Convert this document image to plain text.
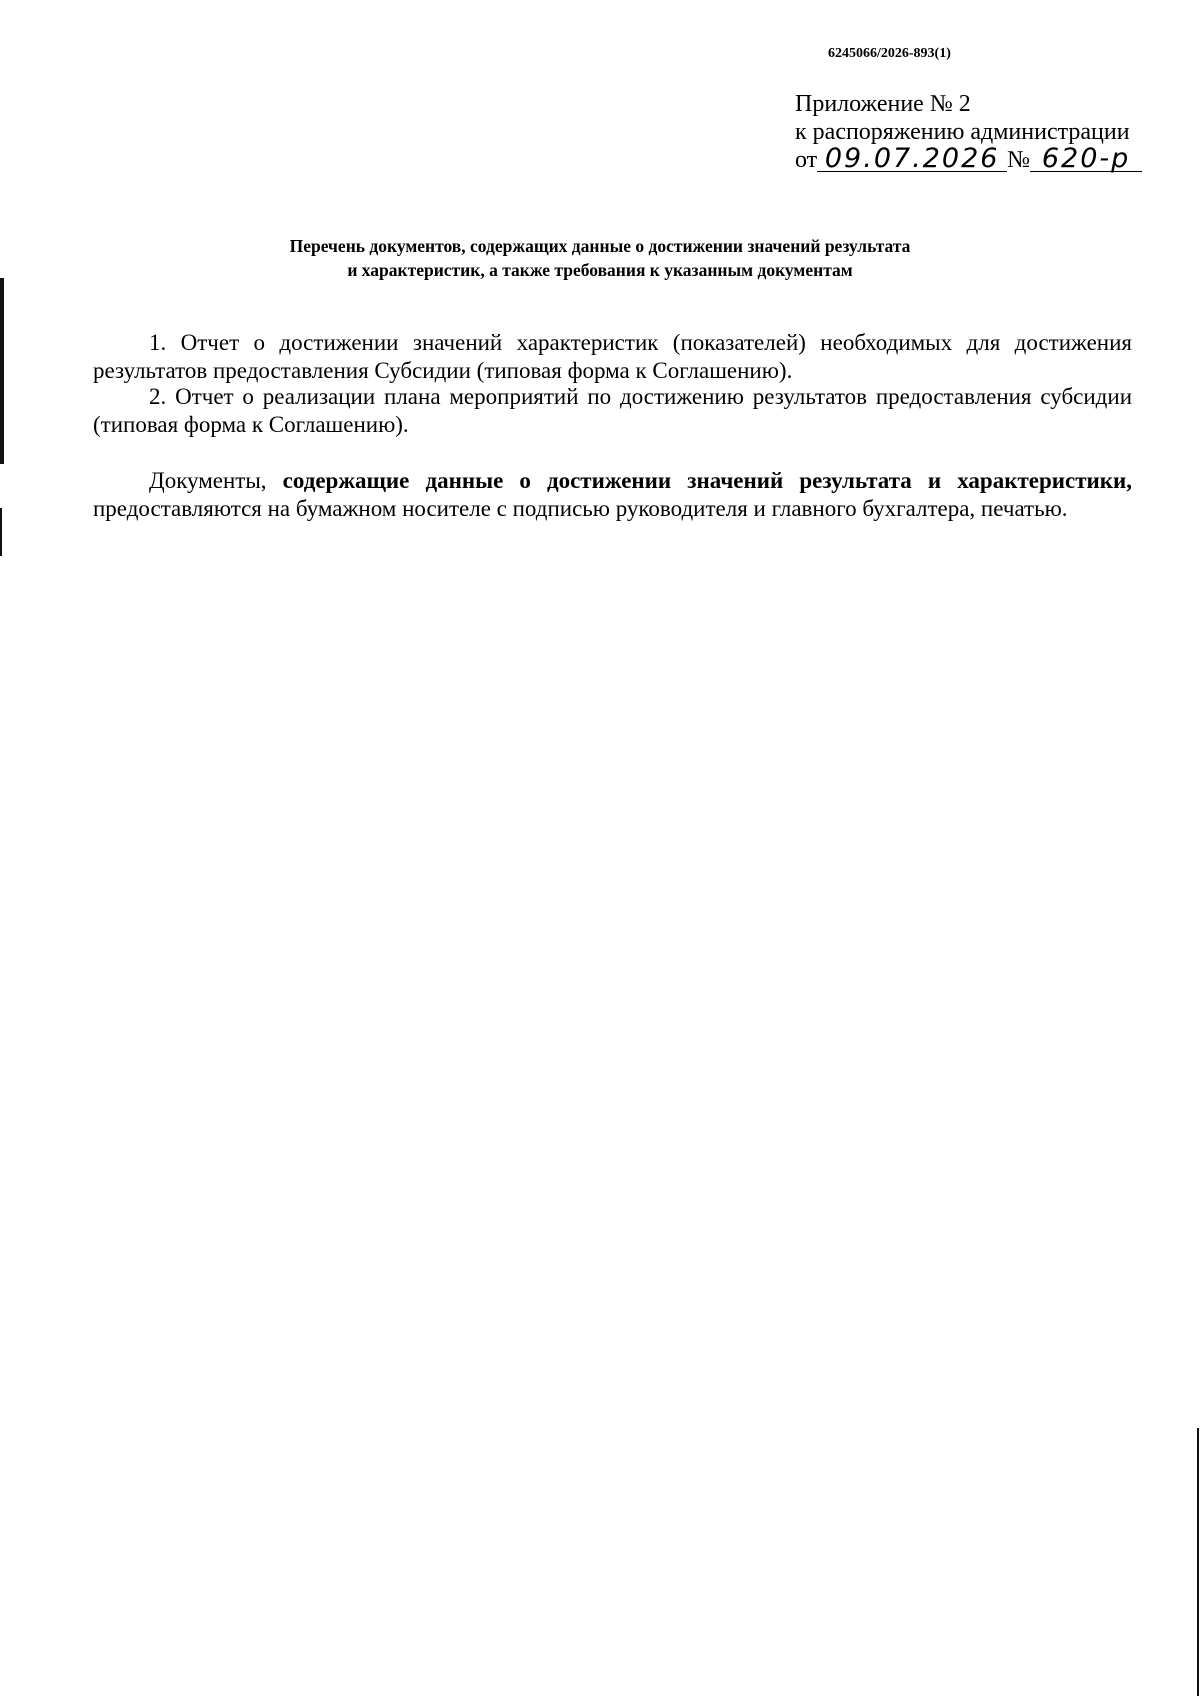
6245066/2026-893(1)
Приложение № 2
к распоряжению администрации
от 09.07.2026 № 620-р
Перечень документов, содержащих данные о достижении значений результата
и характеристик, а также требования к указанным документам
1. Отчет о достижении значений характеристик (показателей) необходимых для достижения результатов предоставления Субсидии (типовая форма к Соглашению).
2. Отчет о реализации плана мероприятий по достижению результатов предоставления субсидии (типовая форма к Соглашению).
Документы, содержащие данные о достижении значений результата и характеристики, предоставляются на бумажном носителе с подписью руководителя и главного бухгалтера, печатью.
